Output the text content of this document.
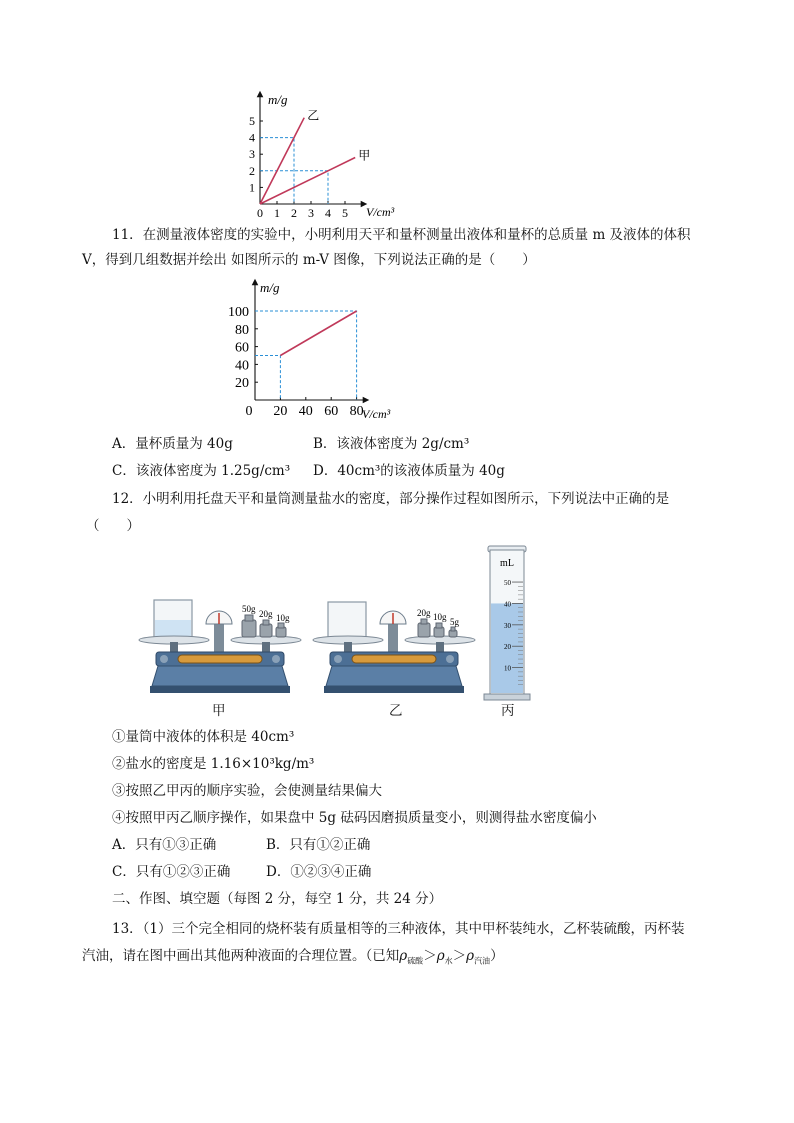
m/g
V/cm³
1
2
3
4
5
0 1 2 3 4 5
乙
甲
11．在测量液体密度的实验中，小明利用天平和量杯测量出液体和量杯的总质量 m 及液体的体积
V，得到几组数据并绘出 如图所示的 m-V 图像，下列说法正确的是（　　）
m/g
V/cm³
20
40
60
80
100
0 20 40 60 80
A．量杯质量为 40g	B．该液体密度为 2g/cm³
C．该液体密度为 1.25g/cm³ D．40cm³的该液体质量为 40g
12．小明利用托盘天平和量筒测量盐水的密度，部分操作过程如图所示，下列说法中正确的是
（　　）
50g 20g 10g
甲
20g 10g 5g
乙
mL
50
40
30
20
10
丙
①量筒中液体的体积是 40cm³
②盐水的密度是 1.16×10³kg/m³
③按照乙甲丙的顺序实验，会使测量结果偏大
④按照甲丙乙顺序操作，如果盘中 5g 砝码因磨损质量变小，则测得盐水密度偏小
A．只有①③正确	B．只有①②正确
C．只有①②③正确	D．①②③④正确
二、作图、填空题（每图 2 分，每空 1 分，共 24 分）
13．（1）三个完全相同的烧杯装有质量相等的三种液体，其中甲杯装纯水，乙杯装硫酸，丙杯装
汽油，请在图中画出其他两种液面的合理位置。（已知$\rho_{硫酸}>\rho_水>\rho_{汽油}$）
